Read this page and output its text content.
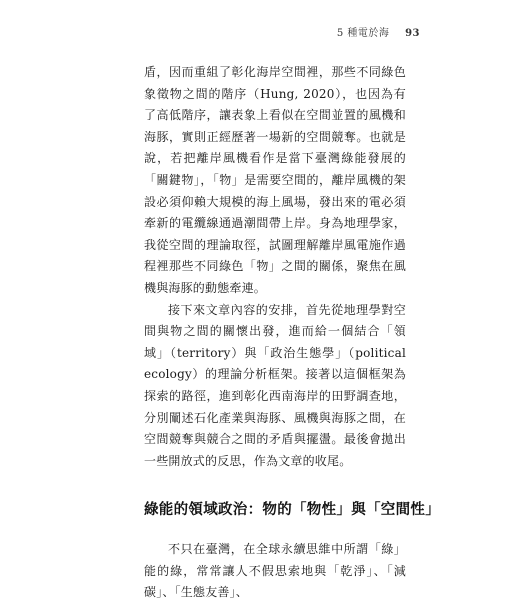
5 種電於海 93

盾，因而重組了彰化海岸空間裡，那些不同綠色象徵物之間的階序（Hung, 2020），也因為有了高低階序，讓表象上看似在空間並置的風機和海豚，實則正經歷著一場新的空間競奪。也就是說，若把離岸風機看作是當下臺灣綠能發展的「關鍵物」，「物」是需要空間的，離岸風機的架設必須仰賴大規模的海上風場，發出來的電必須牽新的電纜線通過潮間帶上岸。身為地理學家，我從空間的理論取徑，試圖理解離岸風電施作過程裡那些不同綠色「物」之間的關係，聚焦在風機與海豚的動態牽連。

接下來文章內容的安排，首先從地理學對空間與物之間的關懷出發，進而給一個結合「領域」（territory）與「政治生態學」（political ecology）的理論分析框架。接著以這個框架為探索的路徑，進到彰化西南海岸的田野調查地，分別闡述石化產業與海豚、風機與海豚之間，在空間競奪與競合之間的矛盾與擺盪。最後會拋出一些開放式的反思，作為文章的收尾。

綠能的領域政治：物的「物性」與「空間性」

不只在臺灣，在全球永續思維中所謂「綠」能的綠，常常讓人不假思索地與「乾淨」、「減碳」、「生態友善」、
